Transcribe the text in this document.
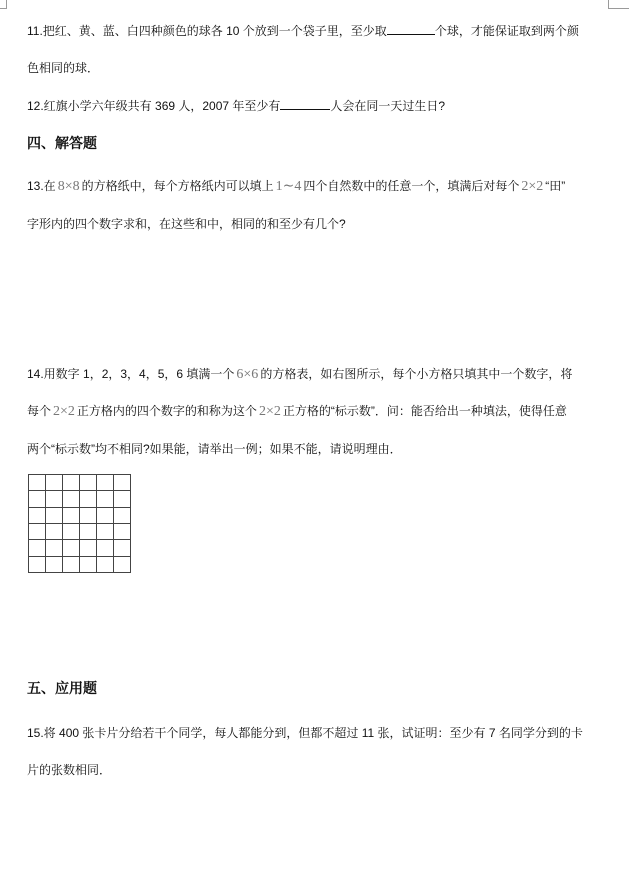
11.把红、黄、蓝、白四种颜色的球各 10 个放到一个袋子里，至少取	个球，才能保证取到两个颜
色相同的球．
12.红旗小学六年级共有 369 人，2007 年至少有	人会在同一天过生日?
四、解答题
13.在 8×8 的方格纸中，每个方格纸内可以填上 1∼4 四个自然数中的任意一个，填满后对每个 2×2 “田”
字形内的四个数字求和，在这些和中，相同的和至少有几个?
14.用数字 1，2，3，4，5，6 填满一个 6×6 的方格表，如右图所示，每个小方格只填其中一个数字，将
每个 2×2 正方格内的四个数字的和称为这个 2×2 正方格的“标示数”．问：能否给出一种填法，使得任意
两个“标示数”均不相同?如果能，请举出一例；如果不能，请说明理由．
五、应用题
15.将 400 张卡片分给若干个同学，每人都能分到，但都不超过 11 张，试证明：至少有 7 名同学分到的卡
片的张数相同．
